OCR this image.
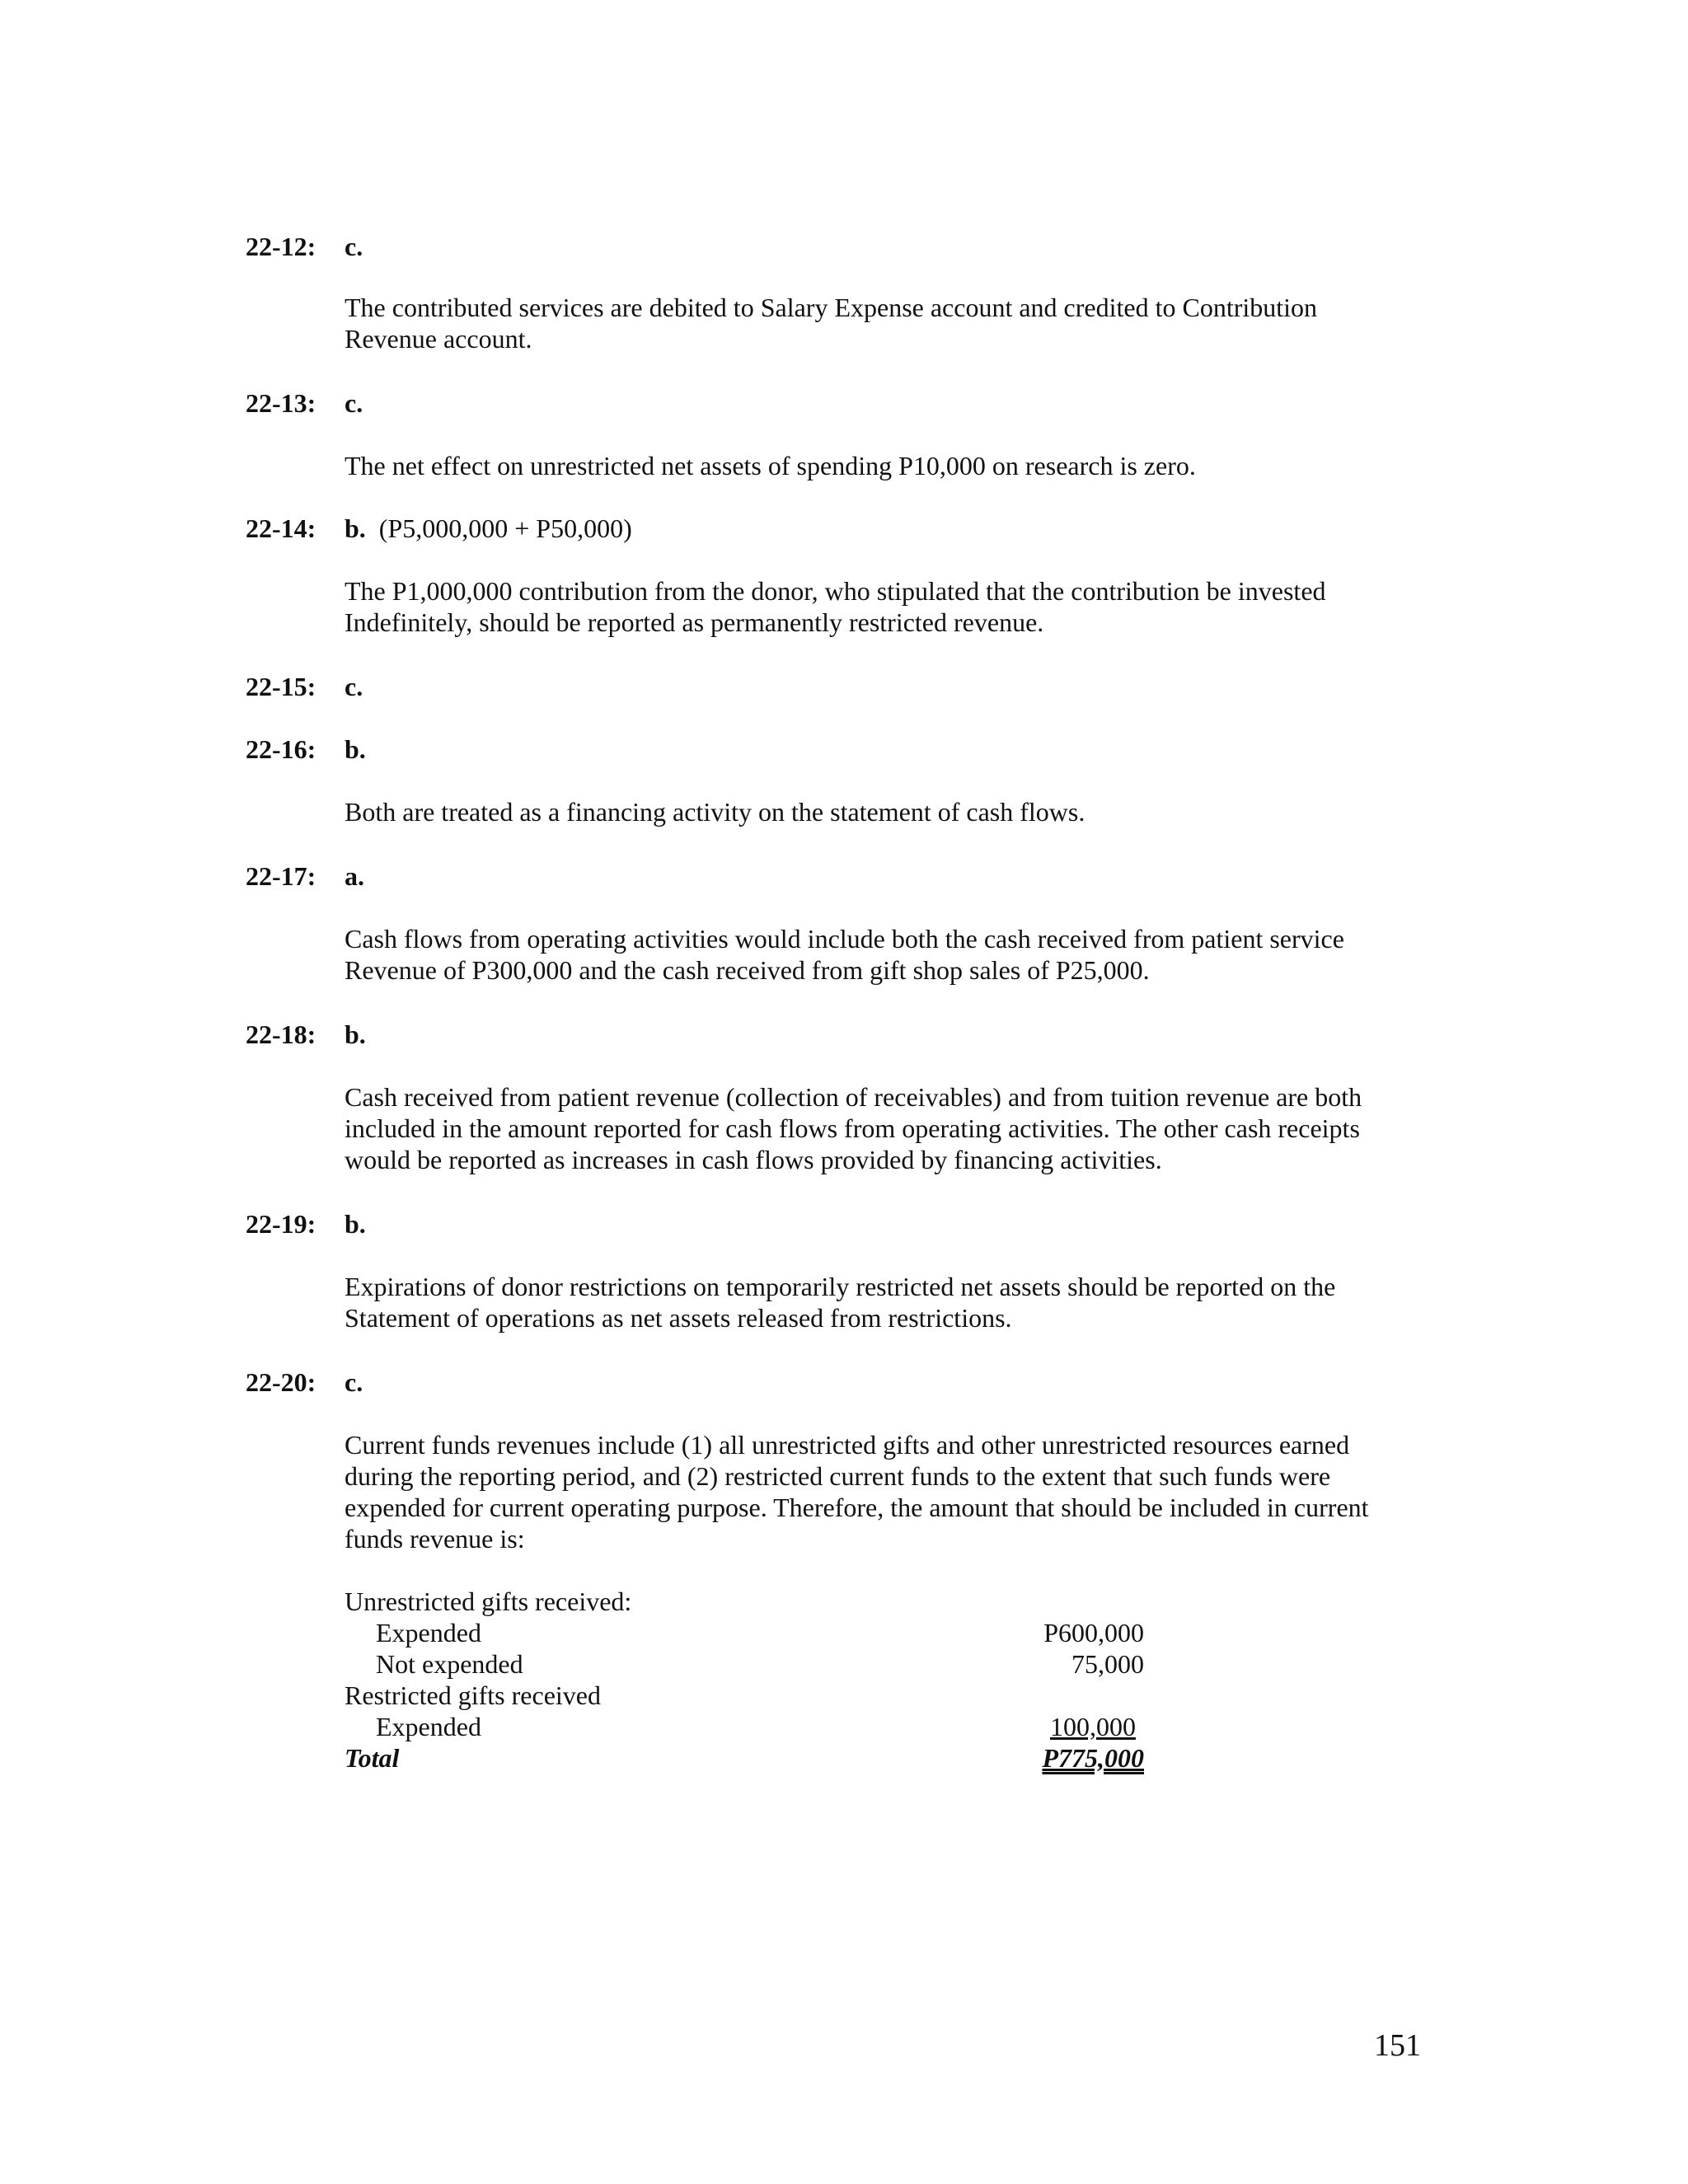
22-12: c.
The contributed services are debited to Salary Expense account and credited to Contribution
Revenue account.
22-13: c.
The net effect on unrestricted net assets of spending P10,000 on research is zero.
22-14: b. (P5,000,000 + P50,000)
The P1,000,000 contribution from the donor, who stipulated that the contribution be invested
Indefinitely, should be reported as permanently restricted revenue.
22-15: c.
22-16: b.
Both are treated as a financing activity on the statement of cash flows.
22-17: a.
Cash flows from operating activities would include both the cash received from patient service
Revenue of P300,000 and the cash received from gift shop sales of P25,000.
22-18: b.
Cash received from patient revenue (collection of receivables) and from tuition revenue are both
included in the amount reported for cash flows from operating activities. The other cash receipts
would be reported as increases in cash flows provided by financing activities.
22-19: b.
Expirations of donor restrictions on temporarily restricted net assets should be reported on the
Statement of operations as net assets released from restrictions.
22-20: c.
Current funds revenues include (1) all unrestricted gifts and other unrestricted resources earned
during the reporting period, and (2) restricted current funds to the extent that such funds were
expended for current operating purpose. Therefore, the amount that should be included in current
funds revenue is:
Unrestricted gifts received:
Expended	P600,000
Not expended	75,000
Restricted gifts received
Expended	100,000
Total	P775,000
151
